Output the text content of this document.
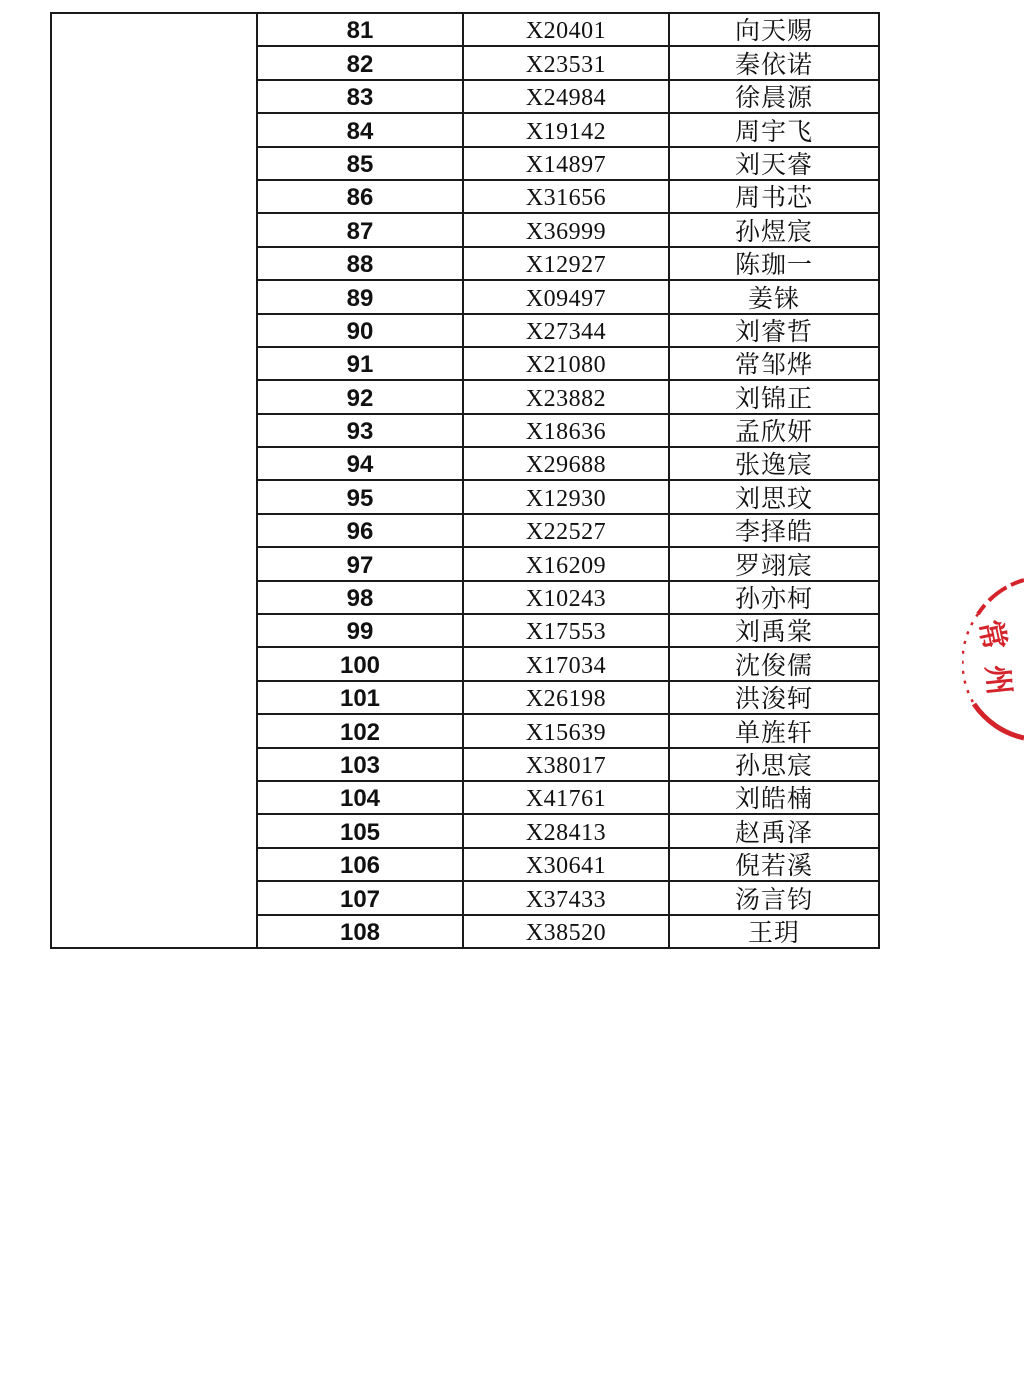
	81	X20401	向天赐
	82	X23531	秦依诺
	83	X24984	徐晨源
	84	X19142	周宇飞
	85	X14897	刘天睿
	86	X31656	周书芯
	87	X36999	孙煜宸
	88	X12927	陈珈一
	89	X09497	姜铼
	90	X27344	刘睿哲
	91	X21080	常邹烨
	92	X23882	刘锦正
	93	X18636	孟欣妍
	94	X29688	张逸宸
	95	X12930	刘思玟
	96	X22527	李择皓
	97	X16209	罗翊宸
	98	X10243	孙亦柯
	99	X17553	刘禹棠
	100	X17034	沈俊儒
	101	X26198	洪浚轲
	102	X15639	单旌轩
	103	X38017	孙思宸
	104	X41761	刘皓楠
	105	X28413	赵禹泽
	106	X30641	倪若溪
	107	X37433	汤言钧
	108	X38520	王玥
常
州
